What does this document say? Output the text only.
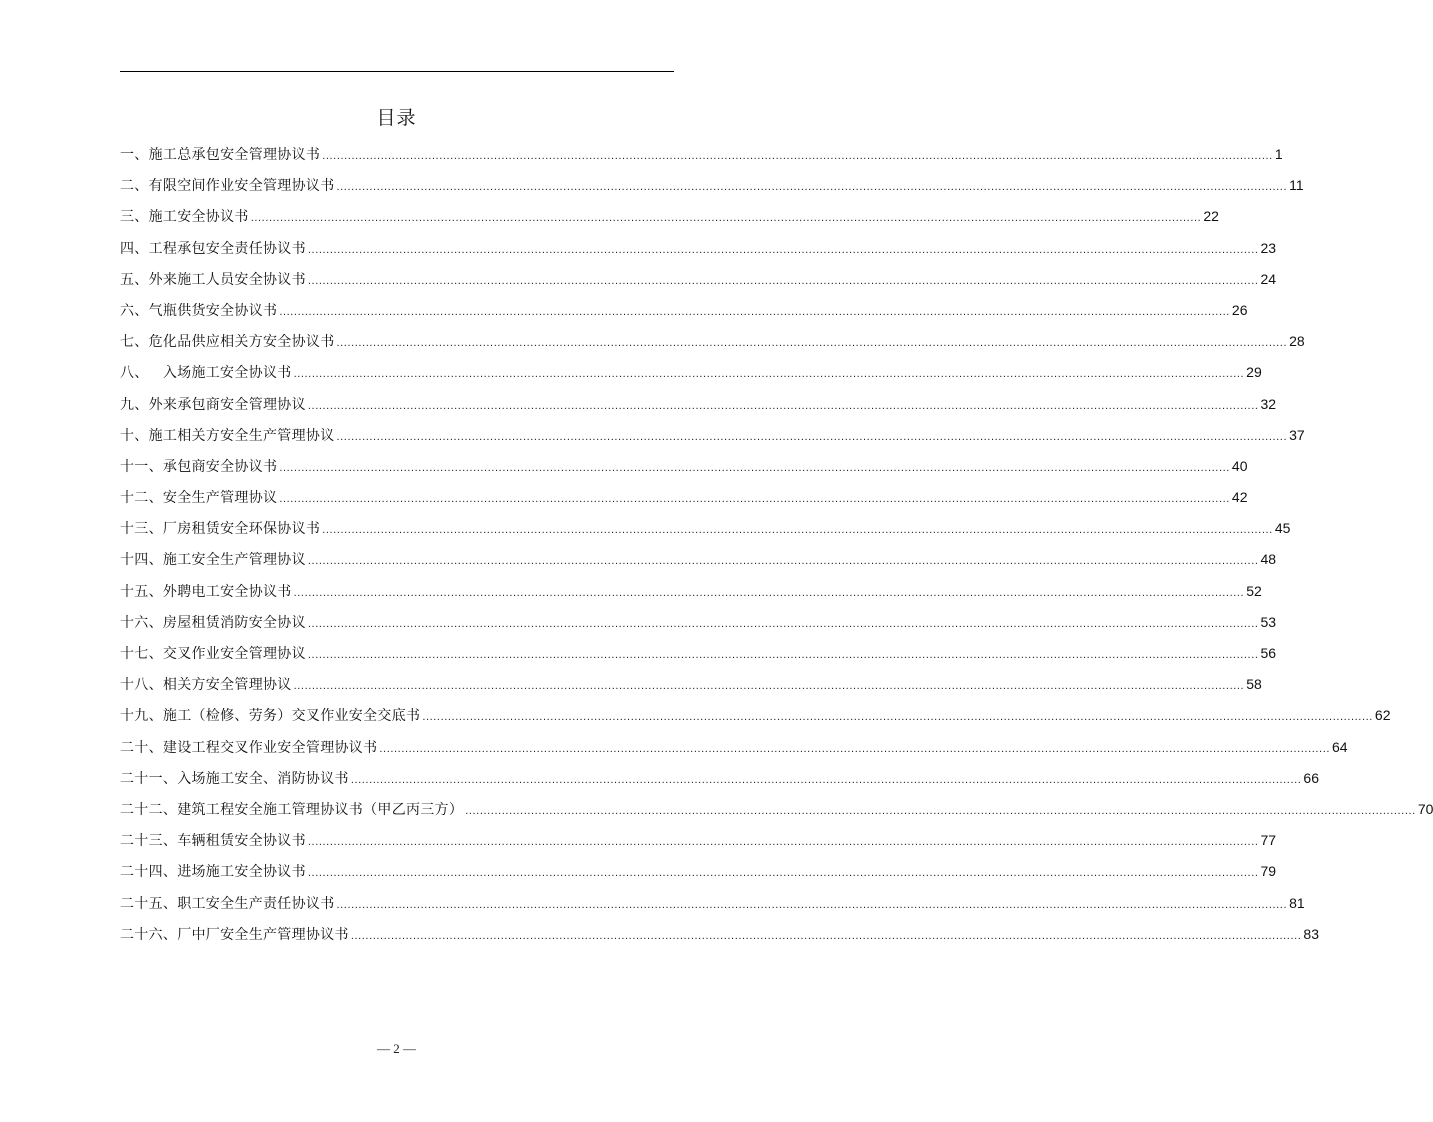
目录
一、施工总承包安全管理协议书 .................................................................................................................................................................................................................................................................... 1
二、有限空间作业安全管理协议书 .................................................................................................................................................................................................................................................................... 11
三、施工安全协议书 .................................................................................................................................................................................................................................................................... 22
四、工程承包安全责任协议书 .................................................................................................................................................................................................................................................................... 23
五、外来施工人员安全协议书 .................................................................................................................................................................................................................................................................... 24
六、气瓶供货安全协议书 .................................................................................................................................................................................................................................................................... 26
七、危化品供应相关方安全协议书 .................................................................................................................................................................................................................................................................... 28
八、   入场施工安全协议书 .................................................................................................................................................................................................................................................................... 29
九、外来承包商安全管理协议 .................................................................................................................................................................................................................................................................... 32
十、施工相关方安全生产管理协议 .................................................................................................................................................................................................................................................................... 37
十一、承包商安全协议书 .................................................................................................................................................................................................................................................................... 40
十二、安全生产管理协议 .................................................................................................................................................................................................................................................................... 42
十三、厂房租赁安全环保协议书 .................................................................................................................................................................................................................................................................... 45
十四、施工安全生产管理协议 .................................................................................................................................................................................................................................................................... 48
十五、外聘电工安全协议书 .................................................................................................................................................................................................................................................................... 52
十六、房屋租赁消防安全协议 .................................................................................................................................................................................................................................................................... 53
十七、交叉作业安全管理协议 .................................................................................................................................................................................................................................................................... 56
十八、相关方安全管理协议 .................................................................................................................................................................................................................................................................... 58
十九、施工（检修、劳务）交叉作业安全交底书 .................................................................................................................................................................................................................................................................... 62
二十、建设工程交叉作业安全管理协议书 .................................................................................................................................................................................................................................................................... 64
二十一、入场施工安全、消防协议书 .................................................................................................................................................................................................................................................................... 66
二十二、建筑工程安全施工管理协议书（甲乙丙三方） .................................................................................................................................................................................................................................................................... 70
二十三、车辆租赁安全协议书 .................................................................................................................................................................................................................................................................... 77
二十四、进场施工安全协议书 .................................................................................................................................................................................................................................................................... 79
二十五、职工安全生产责任协议书 .................................................................................................................................................................................................................................................................... 81
二十六、厂中厂安全生产管理协议书 .................................................................................................................................................................................................................................................................... 83
— 2 —
